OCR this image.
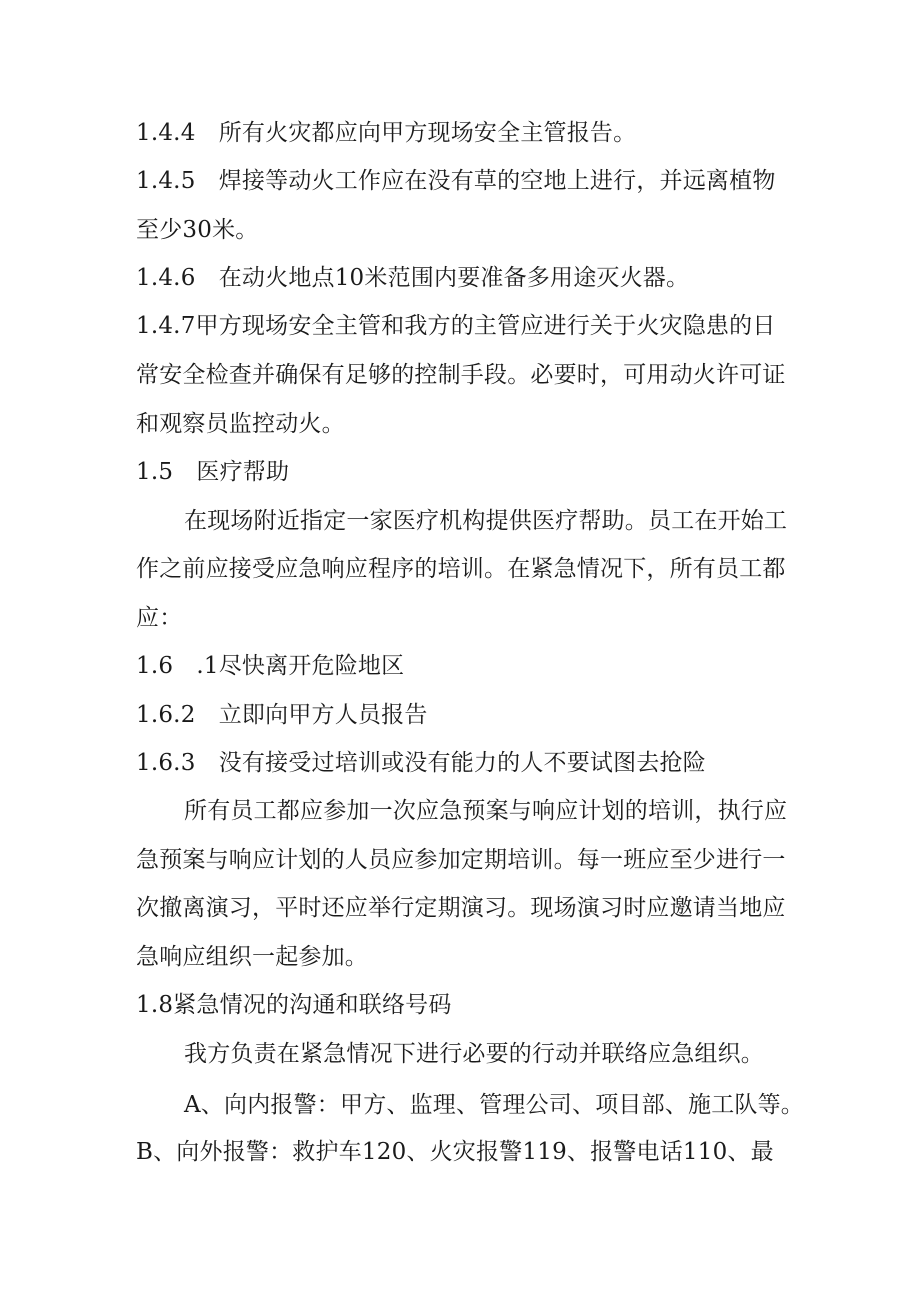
1.4.4　所有火灾都应向甲方现场安全主管报告。
1.4.5　焊接等动火工作应在没有草的空地上进行，并远离植物
至少30米。
1.4.6　在动火地点10米范围内要准备多用途灭火器。
1.4.7甲方现场安全主管和我方的主管应进行关于火灾隐患的日
常安全检查并确保有足够的控制手段。必要时，可用动火许可证
和观察员监控动火。
1.5　医疗帮助
在现场附近指定一家医疗机构提供医疗帮助。员工在开始工
作之前应接受应急响应程序的培训。在紧急情况下，所有员工都
应：
1.6　.1尽快离开危险地区
1.6.2　立即向甲方人员报告
1.6.3　没有接受过培训或没有能力的人不要试图去抢险
所有员工都应参加一次应急预案与响应计划的培训，执行应
急预案与响应计划的人员应参加定期培训。每一班应至少进行一
次撤离演习，平时还应举行定期演习。现场演习时应邀请当地应
急响应组织一起参加。
1.8紧急情况的沟通和联络号码
我方负责在紧急情况下进行必要的行动并联络应急组织。
A、向内报警：甲方、监理、管理公司、项目部、施工队等。
B、向外报警：救护车120、火灾报警119、报警电话110、最
